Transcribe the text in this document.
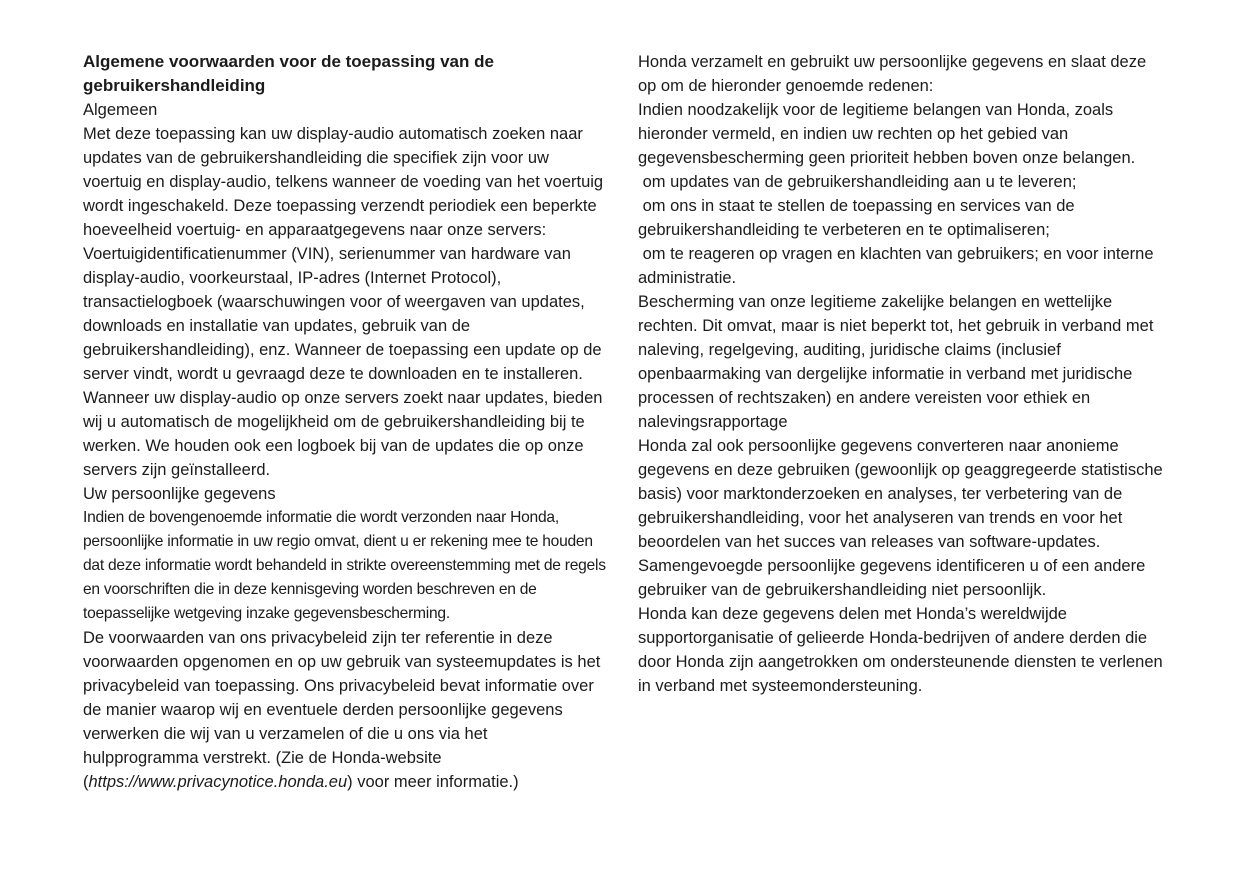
Algemene voorwaarden voor de toepassing van de gebruikershandleiding

Algemeen

Met deze toepassing kan uw display-audio automatisch zoeken naar updates van de gebruikershandleiding die specifiek zijn voor uw voertuig en display-audio, telkens wanneer de voeding van het voertuig wordt ingeschakeld. Deze toepassing verzendt periodiek een beperkte hoeveelheid voertuig- en apparaatgegevens naar onze servers: Voertuigidentificatienummer (VIN), serienummer van hardware van display-audio, voorkeurstaal, IP-adres (Internet Protocol), transactielogboek (waarschuwingen voor of weergaven van updates, downloads en installatie van updates, gebruik van de gebruikershandleiding), enz. Wanneer de toepassing een update op de server vindt, wordt u gevraagd deze te downloaden en te installeren.

Wanneer uw display-audio op onze servers zoekt naar updates, bieden wij u automatisch de mogelijkheid om de gebruikershandleiding bij te werken. We houden ook een logboek bij van de updates die op onze servers zijn geïnstalleerd.

Uw persoonlijke gegevens

Indien de bovengenoemde informatie die wordt verzonden naar Honda, persoonlijke informatie in uw regio omvat, dient u er rekening mee te houden dat deze informatie wordt behandeld in strikte overeenstemming met de regels en voorschriften die in deze kennisgeving worden beschreven en de toepasselijke wetgeving inzake gegevensbescherming.

De voorwaarden van ons privacybeleid zijn ter referentie in deze voorwaarden opgenomen en op uw gebruik van systeemupdates is het privacybeleid van toepassing. Ons privacybeleid bevat informatie over de manier waarop wij en eventuele derden persoonlijke gegevens verwerken die wij van u verzamelen of die u ons via het hulpprogramma verstrekt. (Zie de Honda-website (https://www.privacynotice.honda.eu) voor meer informatie.)

Honda verzamelt en gebruikt uw persoonlijke gegevens en slaat deze op om de hieronder genoemde redenen:

Indien noodzakelijk voor de legitieme belangen van Honda, zoals hieronder vermeld, en indien uw rechten op het gebied van gegevensbescherming geen prioriteit hebben boven onze belangen.

om updates van de gebruikershandleiding aan u te leveren;

om ons in staat te stellen de toepassing en services van de gebruikershandleiding te verbeteren en te optimaliseren;

om te reageren op vragen en klachten van gebruikers; en voor interne administratie.

Bescherming van onze legitieme zakelijke belangen en wettelijke rechten. Dit omvat, maar is niet beperkt tot, het gebruik in verband met naleving, regelgeving, auditing, juridische claims (inclusief openbaarmaking van dergelijke informatie in verband met juridische processen of rechtszaken) en andere vereisten voor ethiek en nalevingsrapportage

Honda zal ook persoonlijke gegevens converteren naar anonieme gegevens en deze gebruiken (gewoonlijk op geaggregeerde statistische basis) voor marktonderzoeken en analyses, ter verbetering van de gebruikershandleiding, voor het analyseren van trends en voor het beoordelen van het succes van releases van software-updates. Samengevoegde persoonlijke gegevens identificeren u of een andere gebruiker van de gebruikershandleiding niet persoonlijk.

Honda kan deze gegevens delen met Honda’s wereldwijde supportorganisatie of gelieerde Honda-bedrijven of andere derden die door Honda zijn aangetrokken om ondersteunende diensten te verlenen in verband met systeemondersteuning.
